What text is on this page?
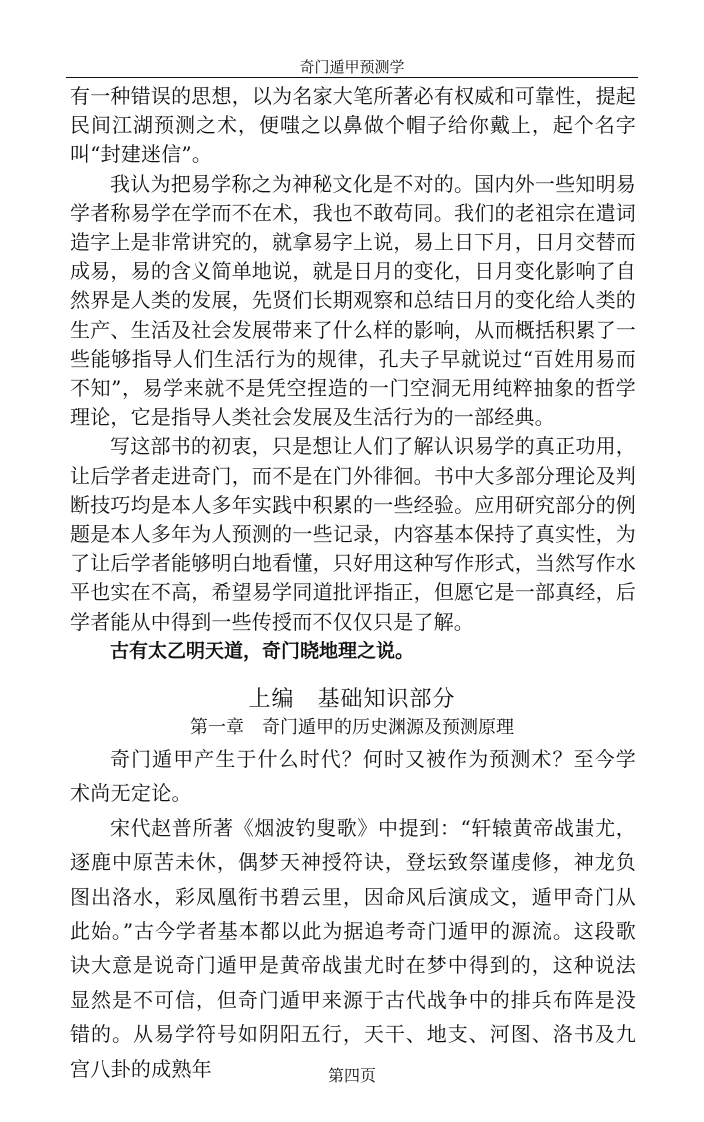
奇门遁甲预测学

有一种错误的思想，以为名家大笔所著必有权威和可靠性，提起民间江湖预测之术，便嗤之以鼻做个帽子给你戴上，起个名字叫“封建迷信”。

我认为把易学称之为神秘文化是不对的。国内外一些知明易学者称易学在学而不在术，我也不敢苟同。我们的老祖宗在遣词造字上是非常讲究的，就拿易字上说，易上日下月，日月交替而成易，易的含义简单地说，就是日月的变化，日月变化影响了自然界是人类的发展，先贤们长期观察和总结日月的变化给人类的生产、生活及社会发展带来了什么样的影响，从而概括积累了一些能够指导人们生活行为的规律，孔夫子早就说过“百姓用易而不知”，易学来就不是凭空捏造的一门空洞无用纯粹抽象的哲学理论，它是指导人类社会发展及生活行为的一部经典。

写这部书的初衷，只是想让人们了解认识易学的真正功用，让后学者走进奇门，而不是在门外徘徊。书中大多部分理论及判断技巧均是本人多年实践中积累的一些经验。应用研究部分的例题是本人多年为人预测的一些记录，内容基本保持了真实性，为了让后学者能够明白地看懂，只好用这种写作形式，当然写作水平也实在不高，希望易学同道批评指正，但愿它是一部真经，后学者能从中得到一些传授而不仅仅只是了解。

古有太乙明天道，奇门晓地理之说。

上编　基础知识部分
第一章　奇门遁甲的历史渊源及预测原理

奇门遁甲产生于什么时代？何时又被作为预测术？至今学术尚无定论。

宋代赵普所著《烟波钓叟歌》中提到：“轩辕黄帝战蚩尤，逐鹿中原苦未休，偶梦天神授符诀，登坛致祭谨虔修，神龙负图出洛水，彩凤凰衔书碧云里，因命风后演成文，遁甲奇门从此始。”古今学者基本都以此为据追考奇门遁甲的源流。这段歌诀大意是说奇门遁甲是黄帝战蚩尤时在梦中得到的，这种说法显然是不可信，但奇门遁甲来源于古代战争中的排兵布阵是没错的。从易学符号如阴阳五行，天干、地支、河图、洛书及九宫八卦的成熟年	第四页
